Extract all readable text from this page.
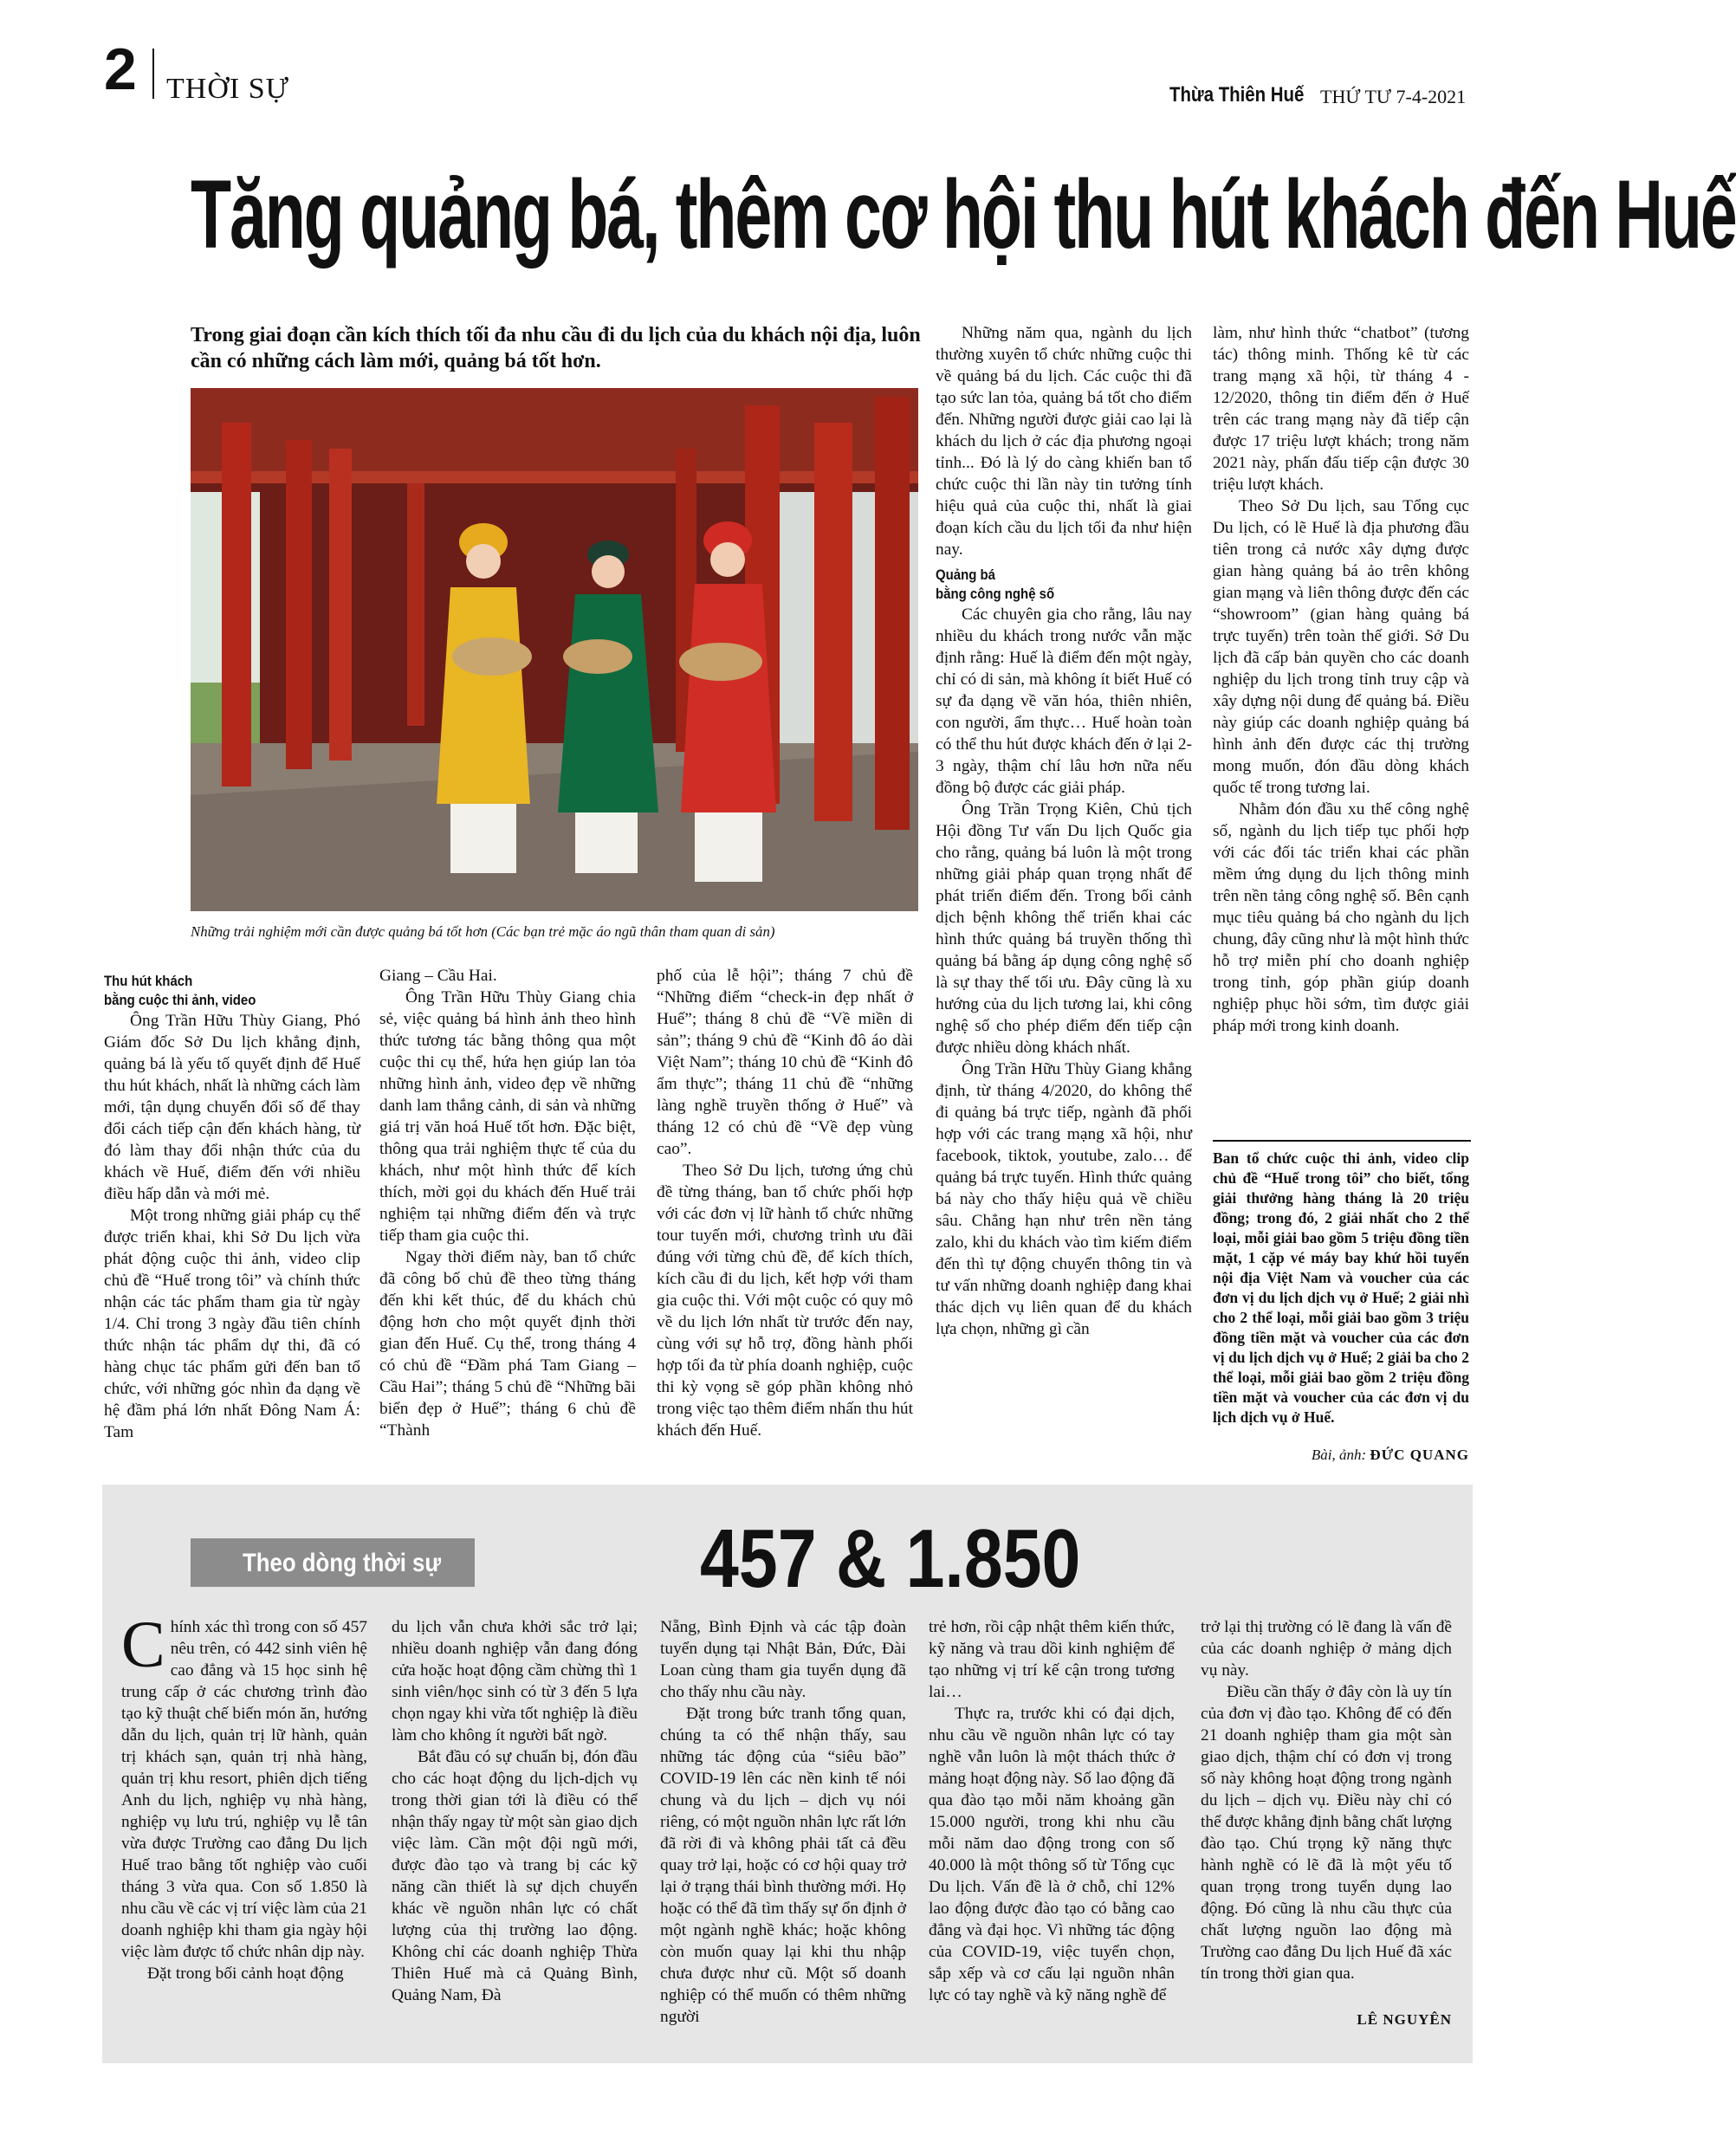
2 THỜI SỰ	Thừa Thiên Huế THỨ TƯ 7-4-2021
Tăng quảng bá, thêm cơ hội thu hút khách đến Huế
Trong giai đoạn cần kích thích tối đa nhu cầu đi du lịch của du khách nội địa, luôn cần có những cách làm mới, quảng bá tốt hơn.
Những trải nghiệm mới cần được quảng bá tốt hơn (Các bạn trẻ mặc áo ngũ thân tham quan di sản)
Thu hút khách
bằng cuộc thi ảnh, video

Ông Trần Hữu Thùy Giang, Phó Giám đốc Sở Du lịch khẳng định, quảng bá là yếu tố quyết định để Huế thu hút khách, nhất là những cách làm mới, tận dụng chuyển đổi số để thay đổi cách tiếp cận đến khách hàng, từ đó làm thay đổi nhận thức của du khách về Huế, điểm đến với nhiều điều hấp dẫn và mới mẻ.

Một trong những giải pháp cụ thể được triển khai, khi Sở Du lịch vừa phát động cuộc thi ảnh, video clip chủ đề “Huế trong tôi” và chính thức nhận các tác phẩm tham gia từ ngày 1/4. Chỉ trong 3 ngày đầu tiên chính thức nhận tác phẩm dự thi, đã có hàng chục tác phẩm gửi đến ban tổ chức, với những góc nhìn đa dạng về hệ đầm phá lớn nhất Đông Nam Á: Tam

Giang – Cầu Hai.

Ông Trần Hữu Thùy Giang chia sẻ, việc quảng bá hình ảnh theo hình thức tương tác bằng thông qua một cuộc thi cụ thể, hứa hẹn giúp lan tỏa những hình ảnh, video đẹp về những danh lam thắng cảnh, di sản và những giá trị văn hoá Huế tốt hơn. Đặc biệt, thông qua trải nghiệm thực tế của du khách, như một hình thức để kích thích, mời gọi du khách đến Huế trải nghiệm tại những điểm đến và trực tiếp tham gia cuộc thi.

Ngay thời điểm này, ban tổ chức đã công bố chủ đề theo từng tháng đến khi kết thúc, để du khách chủ động hơn cho một quyết định thời gian đến Huế. Cụ thể, trong tháng 4 có chủ đề “Đầm phá Tam Giang – Cầu Hai”; tháng 5 chủ đề “Những bãi biển đẹp ở Huế”; tháng 6 chủ đề “Thành

phố của lễ hội”; tháng 7 chủ đề “Những điểm “check-in đẹp nhất ở Huế”; tháng 8 chủ đề “Về miền di sản”; tháng 9 chủ đề “Kinh đô áo dài Việt Nam”; tháng 10 chủ đề “Kinh đô ẩm thực”; tháng 11 chủ đề “những làng nghề truyền thống ở Huế” và tháng 12 có chủ đề “Về đẹp vùng cao”.

Theo Sở Du lịch, tương ứng chủ đề từng tháng, ban tổ chức phối hợp với các đơn vị lữ hành tổ chức những tour tuyến mới, chương trình ưu đãi đúng với từng chủ đề, để kích thích, kích cầu đi du lịch, kết hợp với tham gia cuộc thi. Với một cuộc có quy mô về du lịch lớn nhất từ trước đến nay, cùng với sự hỗ trợ, đồng hành phối hợp tối đa từ phía doanh nghiệp, cuộc thi kỳ vọng sẽ góp phần không nhỏ trong việc tạo thêm điểm nhấn thu hút khách đến Huế.

Những năm qua, ngành du lịch thường xuyên tổ chức những cuộc thi về quảng bá du lịch. Các cuộc thi đã tạo sức lan tỏa, quảng bá tốt cho điểm đến. Những người được giải cao lại là khách du lịch ở các địa phương ngoại tỉnh... Đó là lý do càng khiến ban tổ chức cuộc thi lần này tin tưởng tính hiệu quả của cuộc thi, nhất là giai đoạn kích cầu du lịch tối đa như hiện nay.

Quảng bá
bằng công nghệ số

Các chuyên gia cho rằng, lâu nay nhiều du khách trong nước vẫn mặc định rằng: Huế là điểm đến một ngày, chỉ có di sản, mà không ít biết Huế có sự đa dạng về văn hóa, thiên nhiên, con người, ẩm thực… Huế hoàn toàn có thể thu hút được khách đến ở lại 2-3 ngày, thậm chí lâu hơn nữa nếu đồng bộ được các giải pháp.

Ông Trần Trọng Kiên, Chủ tịch Hội đồng Tư vấn Du lịch Quốc gia cho rằng, quảng bá luôn là một trong những giải pháp quan trọng nhất để phát triển điểm đến. Trong bối cảnh dịch bệnh không thể triển khai các hình thức quảng bá truyền thống thì quảng bá bằng áp dụng công nghệ số là sự thay thế tối ưu. Đây cũng là xu hướng của du lịch tương lai, khi công nghệ số cho phép điểm đến tiếp cận được nhiều dòng khách nhất.

Ông Trần Hữu Thùy Giang khẳng định, từ tháng 4/2020, do không thể đi quảng bá trực tiếp, ngành đã phối hợp với các trang mạng xã hội, như facebook, tiktok, youtube, zalo… để quảng bá trực tuyến. Hình thức quảng bá này cho thấy hiệu quả về chiều sâu. Chẳng hạn như trên nền tảng zalo, khi du khách vào tìm kiếm điểm đến thì tự động chuyển thông tin và tư vấn những doanh nghiệp đang khai thác dịch vụ liên quan để du khách lựa chọn, những gì cần

làm, như hình thức “chatbot” (tương tác) thông minh. Thống kê từ các trang mạng xã hội, từ tháng 4 - 12/2020, thông tin điểm đến ở Huế trên các trang mạng này đã tiếp cận được 17 triệu lượt khách; trong năm 2021 này, phấn đấu tiếp cận được 30 triệu lượt khách.

Theo Sở Du lịch, sau Tổng cục Du lịch, có lẽ Huế là địa phương đầu tiên trong cả nước xây dựng được gian hàng quảng bá ảo trên không gian mạng và liên thông được đến các “showroom” (gian hàng quảng bá trực tuyến) trên toàn thế giới. Sở Du lịch đã cấp bản quyền cho các doanh nghiệp du lịch trong tỉnh truy cập và xây dựng nội dung để quảng bá. Điều này giúp các doanh nghiệp quảng bá hình ảnh đến được các thị trường mong muốn, đón đầu dòng khách quốc tế trong tương lai.

Nhằm đón đầu xu thế công nghệ số, ngành du lịch tiếp tục phối hợp với các đối tác triển khai các phần mềm ứng dụng du lịch thông minh trên nền tảng công nghệ số. Bên cạnh mục tiêu quảng bá cho ngành du lịch chung, đây cũng như là một hình thức hỗ trợ miễn phí cho doanh nghiệp trong tỉnh, góp phần giúp doanh nghiệp phục hồi sớm, tìm được giải pháp mới trong kinh doanh.

Ban tổ chức cuộc thi ảnh, video clip chủ đề “Huế trong tôi” cho biết, tổng giải thưởng hàng tháng là 20 triệu đồng; trong đó, 2 giải nhất cho 2 thể loại, mỗi giải bao gồm 5 triệu đồng tiền mặt, 1 cặp vé máy bay khứ hồi tuyến nội địa Việt Nam và voucher của các đơn vị du lịch dịch vụ ở Huế; 2 giải nhì cho 2 thể loại, mỗi giải bao gồm 3 triệu đồng tiền mặt và voucher của các đơn vị du lịch dịch vụ ở Huế; 2 giải ba cho 2 thể loại, mỗi giải bao gồm 2 triệu đồng tiền mặt và voucher của các đơn vị du lịch dịch vụ ở Huế.
Bài, ảnh: ĐỨC QUANG
Theo dòng thời sự	457 & 1.850

Chính xác thì trong con số 457 nêu trên, có 442 sinh viên hệ cao đẳng và 15 học sinh hệ trung cấp ở các chương trình đào tạo kỹ thuật chế biến món ăn, hướng dẫn du lịch, quản trị lữ hành, quản trị khách sạn, quản trị nhà hàng, quản trị khu resort, phiên dịch tiếng Anh du lịch, nghiệp vụ nhà hàng, nghiệp vụ lưu trú, nghiệp vụ lễ tân vừa được Trường cao đẳng Du lịch Huế trao bằng tốt nghiệp vào cuối tháng 3 vừa qua. Con số 1.850 là nhu cầu về các vị trí việc làm của 21 doanh nghiệp khi tham gia ngày hội việc làm được tổ chức nhân dịp này.

Đặt trong bối cảnh hoạt động

du lịch vẫn chưa khởi sắc trở lại; nhiều doanh nghiệp vẫn đang đóng cửa hoặc hoạt động cầm chừng thì 1 sinh viên/học sinh có từ 3 đến 5 lựa chọn ngay khi vừa tốt nghiệp là điều làm cho không ít người bất ngờ.

Bắt đầu có sự chuẩn bị, đón đầu cho các hoạt động du lịch-dịch vụ trong thời gian tới là điều có thể nhận thấy ngay từ một sàn giao dịch việc làm. Cần một đội ngũ mới, được đào tạo và trang bị các kỹ năng cần thiết là sự dịch chuyển khác về nguồn nhân lực có chất lượng của thị trường lao động. Không chỉ các doanh nghiệp Thừa Thiên Huế mà cả Quảng Bình, Quảng Nam, Đà

Nẵng, Bình Định và các tập đoàn tuyển dụng tại Nhật Bản, Đức, Đài Loan cùng tham gia tuyển dụng đã cho thấy nhu cầu này.

Đặt trong bức tranh tổng quan, chúng ta có thể nhận thấy, sau những tác động của “siêu bão” COVID-19 lên các nền kinh tế nói chung và du lịch – dịch vụ nói riêng, có một nguồn nhân lực rất lớn đã rời đi và không phải tất cả đều quay trở lại, hoặc có cơ hội quay trở lại ở trạng thái bình thường mới. Họ hoặc có thể đã tìm thấy sự ổn định ở một ngành nghề khác; hoặc không còn muốn quay lại khi thu nhập chưa được như cũ. Một số doanh nghiệp có thể muốn có thêm những người

trẻ hơn, rồi cập nhật thêm kiến thức, kỹ năng và trau dồi kinh nghiệm để tạo những vị trí kế cận trong tương lai…

Thực ra, trước khi có đại dịch, nhu cầu về nguồn nhân lực có tay nghề vẫn luôn là một thách thức ở mảng hoạt động này. Số lao động đã qua đào tạo mỗi năm khoảng gần 15.000 người, trong khi nhu cầu mỗi năm dao động trong con số 40.000 là một thông số từ Tổng cục Du lịch. Vấn đề là ở chỗ, chỉ 12% lao động được đào tạo có bằng cao đẳng và đại học. Vì những tác động của COVID-19, việc tuyển chọn, sắp xếp và cơ cấu lại nguồn nhân lực có tay nghề và kỹ năng nghề để

trở lại thị trường có lẽ đang là vấn đề của các doanh nghiệp ở mảng dịch vụ này.

Điều cần thấy ở đây còn là uy tín của đơn vị đào tạo. Không để có đến 21 doanh nghiệp tham gia một sàn giao dịch, thậm chí có đơn vị trong số này không hoạt động trong ngành du lịch – dịch vụ. Điều này chỉ có thể được khẳng định bằng chất lượng đào tạo. Chú trọng kỹ năng thực hành nghề có lẽ đã là một yếu tố quan trọng trong tuyển dụng lao động. Đó cũng là nhu cầu thực của chất lượng nguồn lao động mà Trường cao đẳng Du lịch Huế đã xác tín trong thời gian qua.

LÊ NGUYÊN
